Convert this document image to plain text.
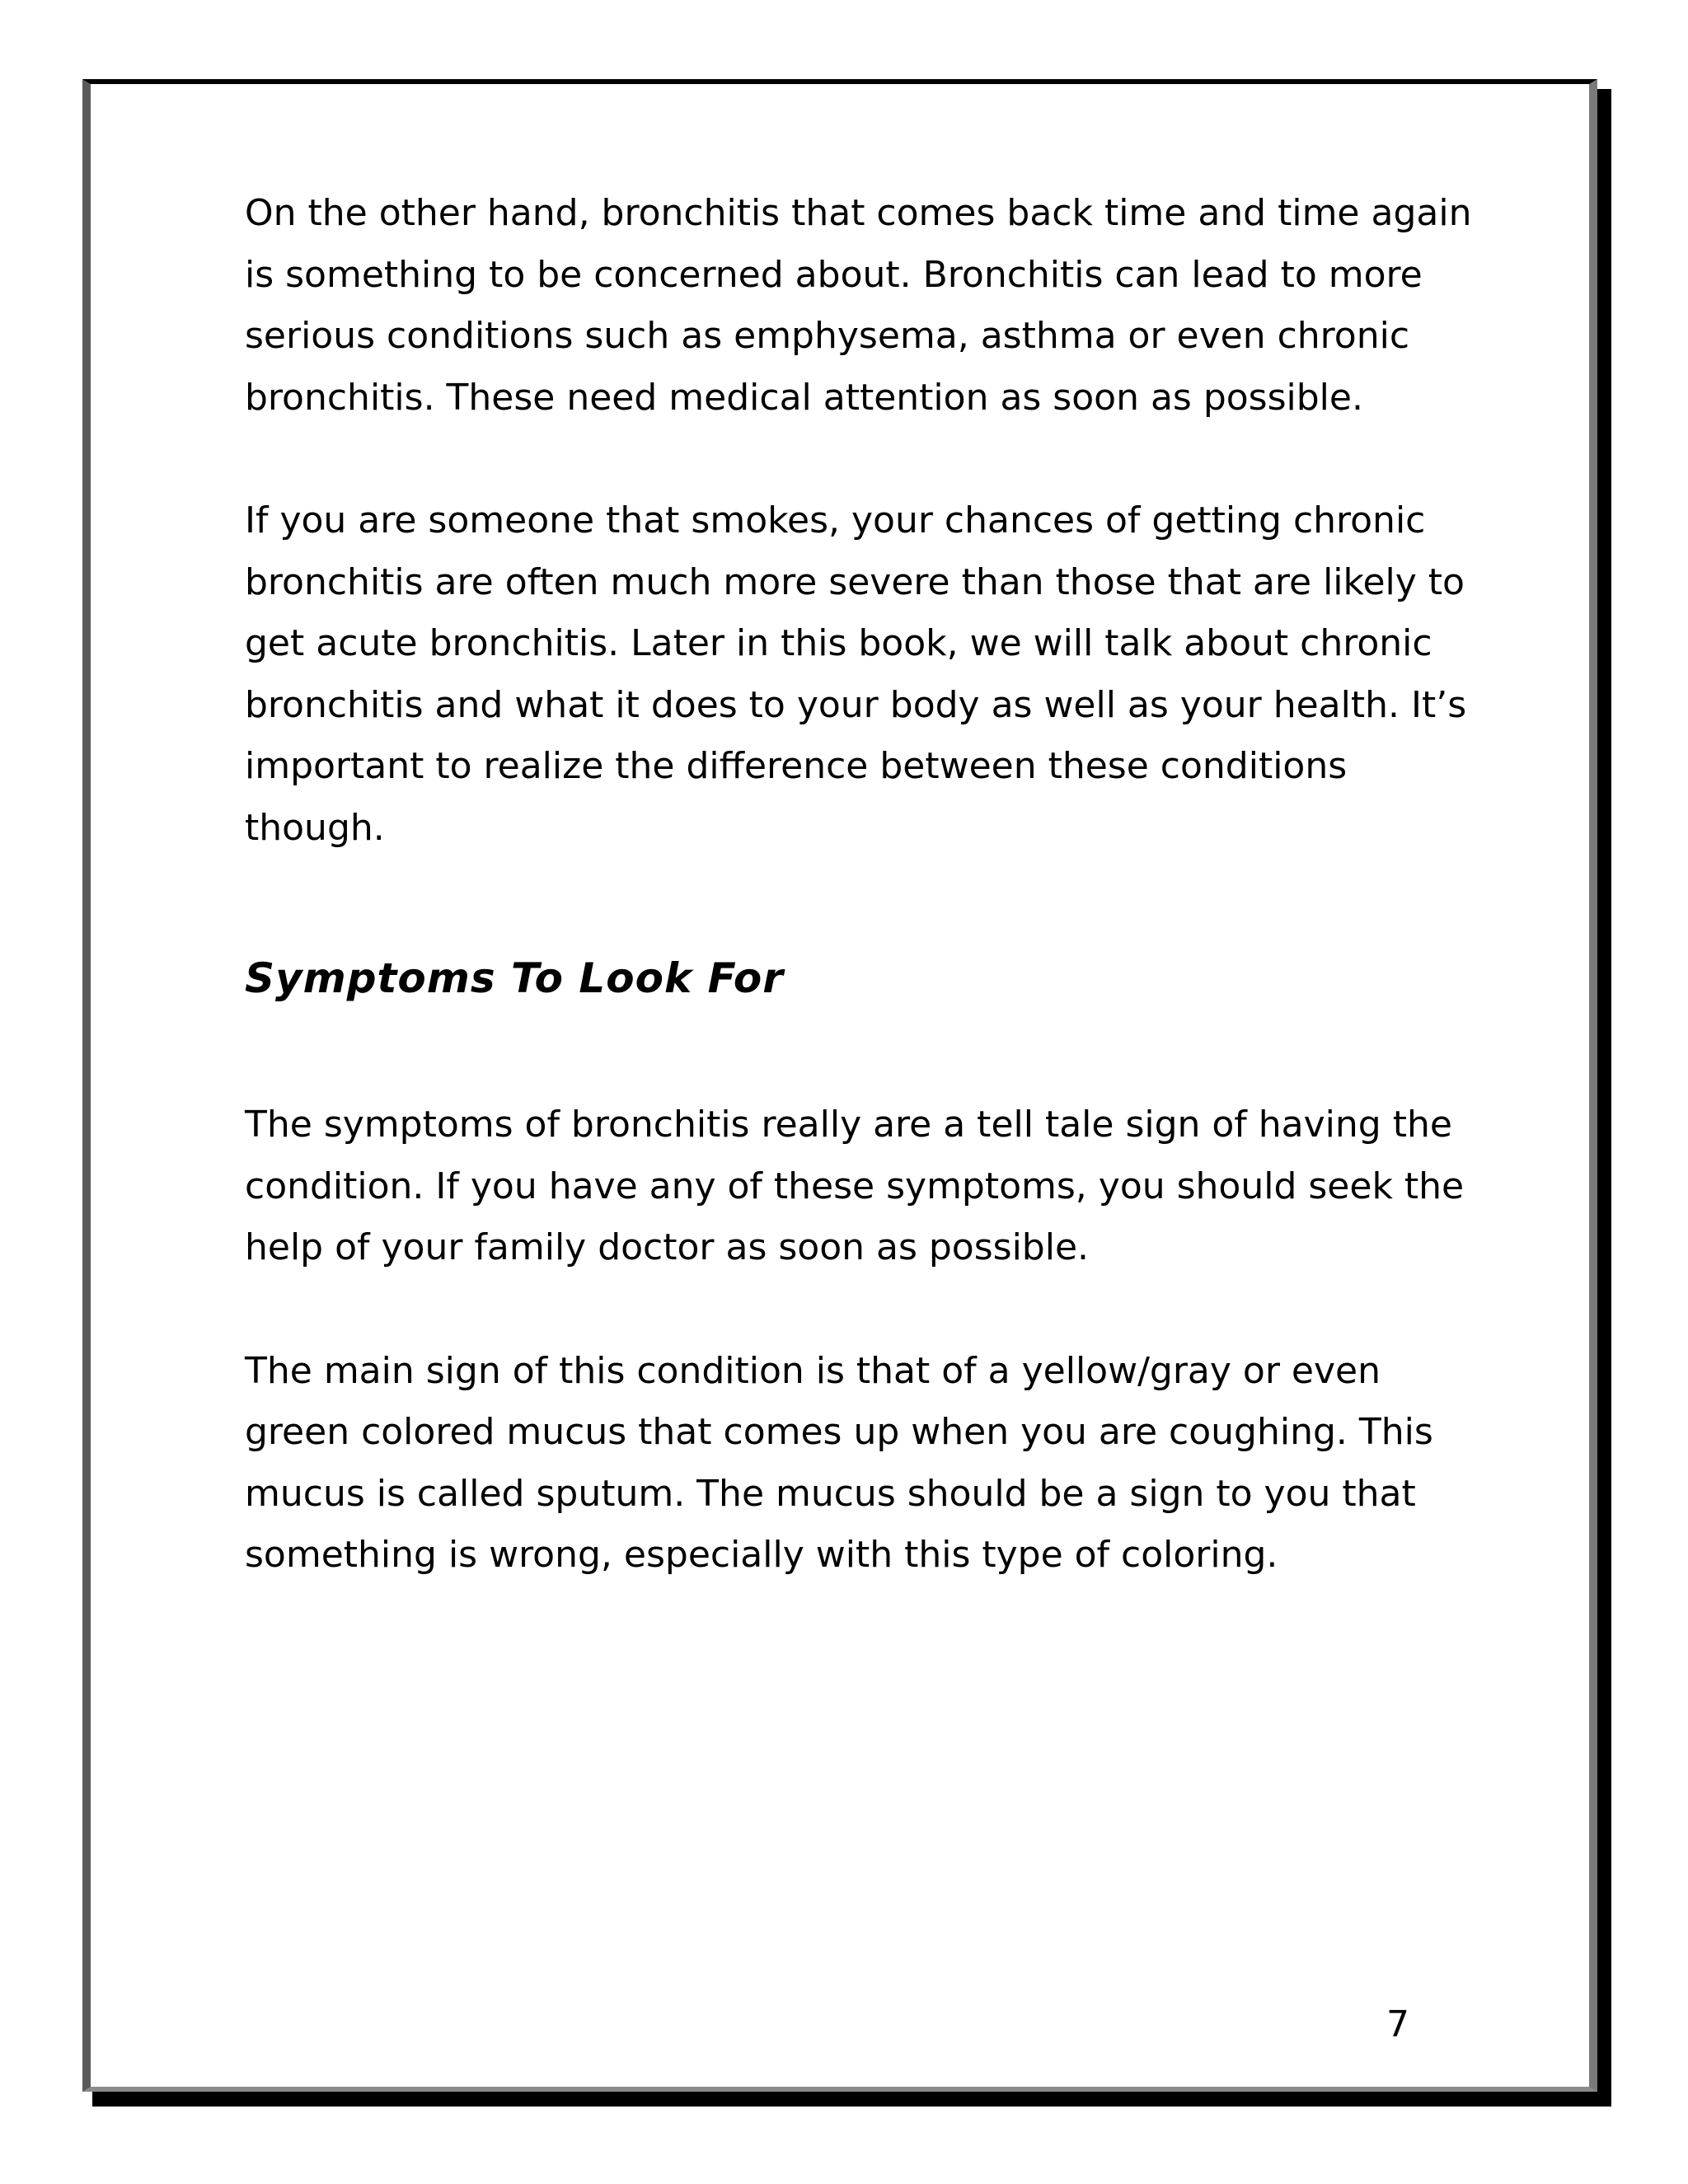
On the other hand, bronchitis that comes back time and time again is something to be concerned about. Bronchitis can lead to more serious conditions such as emphysema, asthma or even chronic bronchitis. These need medical attention as soon as possible.

If you are someone that smokes, your chances of getting chronic bronchitis are often much more severe than those that are likely to get acute bronchitis. Later in this book, we will talk about chronic bronchitis and what it does to your body as well as your health. It’s important to realize the difference between these conditions though.

Symptoms To Look For

The symptoms of bronchitis really are a tell tale sign of having the condition. If you have any of these symptoms, you should seek the help of your family doctor as soon as possible.

The main sign of this condition is that of a yellow/gray or even green colored mucus that comes up when you are coughing. This mucus is called sputum. The mucus should be a sign to you that something is wrong, especially with this type of coloring.

7
